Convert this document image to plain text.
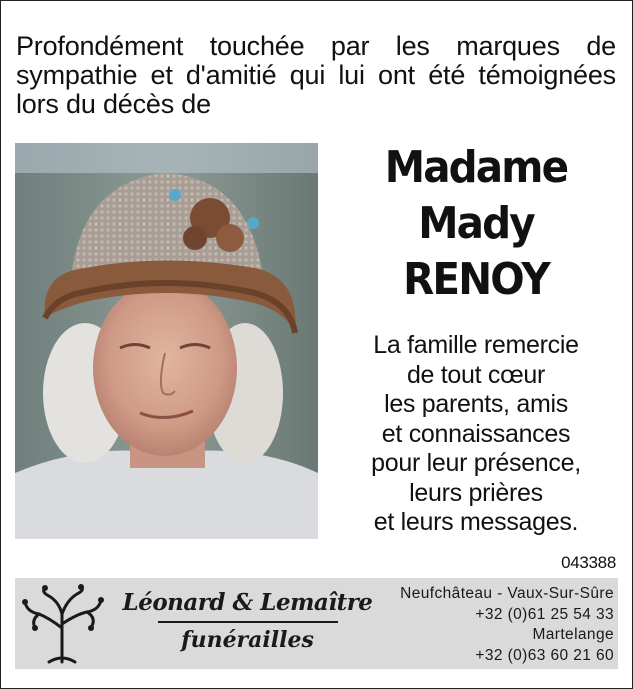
Profondément touchée par les marques de sympathie et d'amitié qui lui ont été témoignées lors du décès de

Madame
Mady
RENOY
La famille remercie
de tout cœur
les parents, amis
et connaissances
pour leur présence,
leurs prières
et leurs messages.
043388
Léonard & Lemaître
funérailles
Neufchâteau - Vaux-Sur-Sûre
+32 (0)61 25 54 33
Martelange
+32 (0)63 60 21 60
